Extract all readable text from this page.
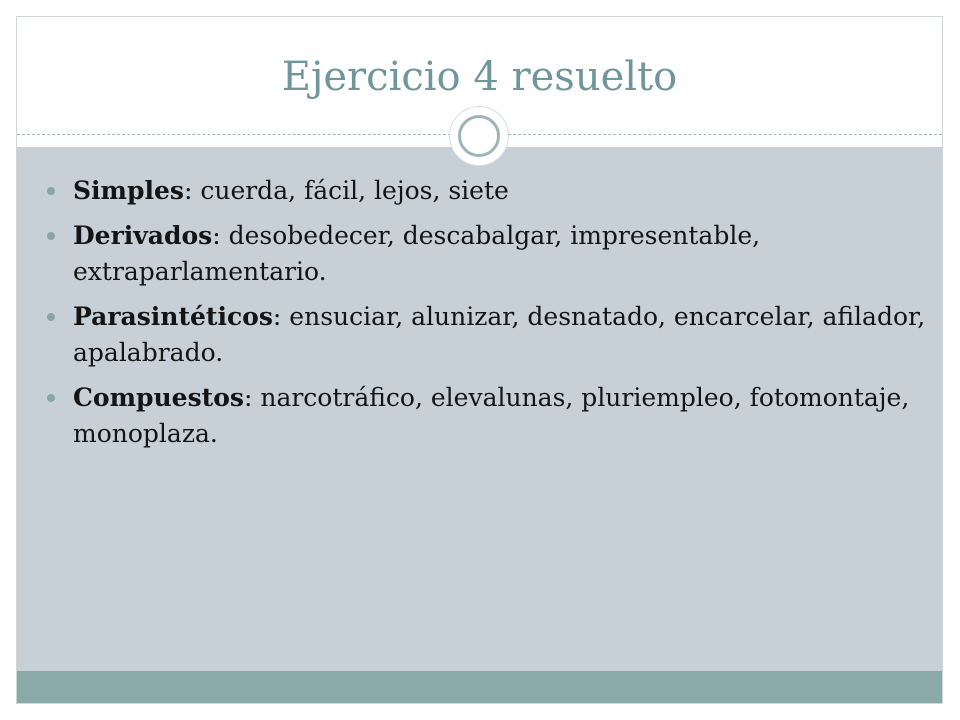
Ejercicio 4 resuelto
Simples: cuerda, fácil, lejos, siete
Derivados: desobedecer, descabalgar, impresentable, extraparlamentario.
Parasintéticos: ensuciar, alunizar, desnatado, encarcelar, afilador, apalabrado.
Compuestos: narcotráfico, elevalunas, pluriempleo, fotomontaje, monoplaza.
